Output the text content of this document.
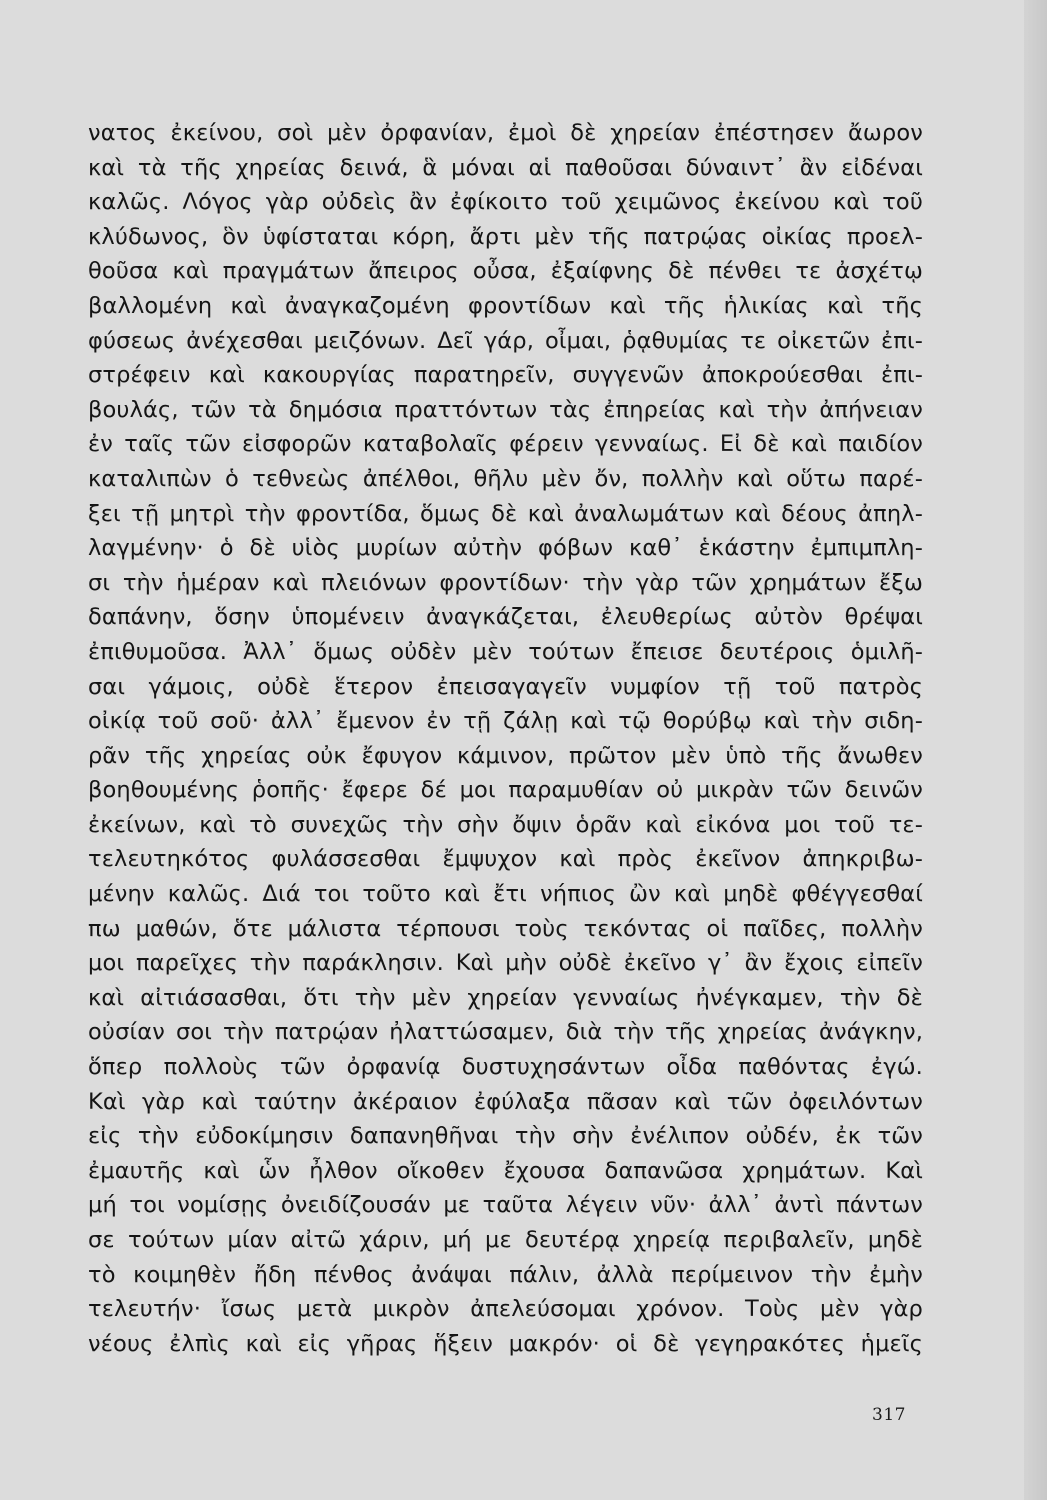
νατος ἐκείνου, σοὶ μὲν ὀρφανίαν, ἐμοὶ δὲ χηρείαν ἐπέστησεν ἄωρον
καὶ τὰ τῆς χηρείας δεινά, ἃ μόναι αἱ παθοῦσαι δύναιντ᾽ ἂν εἰδέναι
καλῶς. Λόγος γὰρ οὐδεὶς ἂν ἐφίκοιτο τοῦ χειμῶνος ἐκείνου καὶ τοῦ
κλύδωνος, ὃν ὑφίσταται κόρη, ἄρτι μὲν τῆς πατρῴας οἰκίας προελ-
θοῦσα καὶ πραγμάτων ἄπειρος οὖσα, ἐξαίφνης δὲ πένθει τε ἀσχέτῳ
βαλλομένη καὶ ἀναγκαζομένη φροντίδων καὶ τῆς ἡλικίας καὶ τῆς
φύσεως ἀνέχεσθαι μειζόνων. Δεῖ γάρ, οἶμαι, ῥᾳθυμίας τε οἰκετῶν ἐπι-
στρέφειν καὶ κακουργίας παρατηρεῖν, συγγενῶν ἀποκρούεσθαι ἐπι-
βουλάς, τῶν τὰ δημόσια πραττόντων τὰς ἐπηρείας καὶ τὴν ἀπήνειαν
ἐν ταῖς τῶν εἰσφορῶν καταβολαῖς φέρειν γενναίως. Εἰ δὲ καὶ παιδίον
καταλιπὼν ὁ τεθνεὼς ἀπέλθοι, θῆλυ μὲν ὄν, πολλὴν καὶ οὕτω παρέ-
ξει τῇ μητρὶ τὴν φροντίδα, ὅμως δὲ καὶ ἀναλωμάτων καὶ δέους ἀπηλ-
λαγμένην· ὁ δὲ υἱὸς μυρίων αὐτὴν φόβων καθ᾽ ἑκάστην ἐμπιμπλη-
σι τὴν ἡμέραν καὶ πλειόνων φροντίδων· τὴν γὰρ τῶν χρημάτων ἔξω
δαπάνην, ὅσην ὑπομένειν ἀναγκάζεται, ἐλευθερίως αὐτὸν θρέψαι
ἐπιθυμοῦσα. Ἀλλ᾽ ὅμως οὐδὲν μὲν τούτων ἔπεισε δευτέροις ὁμιλῆ-
σαι γάμοις, οὐδὲ ἕτερον ἐπεισαγαγεῖν νυμφίον τῇ τοῦ πατρὸς
οἰκίᾳ τοῦ σοῦ· ἀλλ᾽ ἔμενον ἐν τῇ ζάλῃ καὶ τῷ θορύβῳ καὶ τὴν σιδη-
ρᾶν τῆς χηρείας οὐκ ἔφυγον κάμινον, πρῶτον μὲν ὑπὸ τῆς ἄνωθεν
βοηθουμένης ῥοπῆς· ἔφερε δέ μοι παραμυθίαν οὐ μικρὰν τῶν δεινῶν
ἐκείνων, καὶ τὸ συνεχῶς τὴν σὴν ὄψιν ὁρᾶν καὶ εἰκόνα μοι τοῦ τε-
τελευτηκότος φυλάσσεσθαι ἔμψυχον καὶ πρὸς ἐκεῖνον ἀπηκριβω-
μένην καλῶς. Διά τοι τοῦτο καὶ ἔτι νήπιος ὢν καὶ μηδὲ φθέγγεσθαί
πω μαθών, ὅτε μάλιστα τέρπουσι τοὺς τεκόντας οἱ παῖδες, πολλὴν
μοι παρεῖχες τὴν παράκλησιν. Καὶ μὴν οὐδὲ ἐκεῖνο γ᾽ ἂν ἔχοις εἰπεῖν
καὶ αἰτιάσασθαι, ὅτι τὴν μὲν χηρείαν γενναίως ἠνέγκαμεν, τὴν δὲ
οὐσίαν σοι τὴν πατρῴαν ἠλαττώσαμεν, διὰ τὴν τῆς χηρείας ἀνάγκην,
ὅπερ πολλοὺς τῶν ὀρφανίᾳ δυστυχησάντων οἶδα παθόντας ἐγώ.
Καὶ γὰρ καὶ ταύτην ἀκέραιον ἐφύλαξα πᾶσαν καὶ τῶν ὀφειλόντων
εἰς τὴν εὐδοκίμησιν δαπανηθῆναι τὴν σὴν ἐνέλιπον οὐδέν, ἐκ τῶν
ἐμαυτῆς καὶ ὧν ἦλθον οἴκοθεν ἔχουσα δαπανῶσα χρημάτων. Καὶ
μή τοι νομίσῃς ὀνειδίζουσάν με ταῦτα λέγειν νῦν· ἀλλ᾽ ἀντὶ πάντων
σε τούτων μίαν αἰτῶ χάριν, μή με δευτέρᾳ χηρείᾳ περιβαλεῖν, μηδὲ
τὸ κοιμηθὲν ἤδη πένθος ἀνάψαι πάλιν, ἀλλὰ περίμεινον τὴν ἐμὴν
τελευτήν· ἴσως μετὰ μικρὸν ἀπελεύσομαι χρόνον. Τοὺς μὲν γὰρ
νέους ἐλπὶς καὶ εἰς γῆρας ἥξειν μακρόν· οἱ δὲ γεγηρακότες ἡμεῖς
317
